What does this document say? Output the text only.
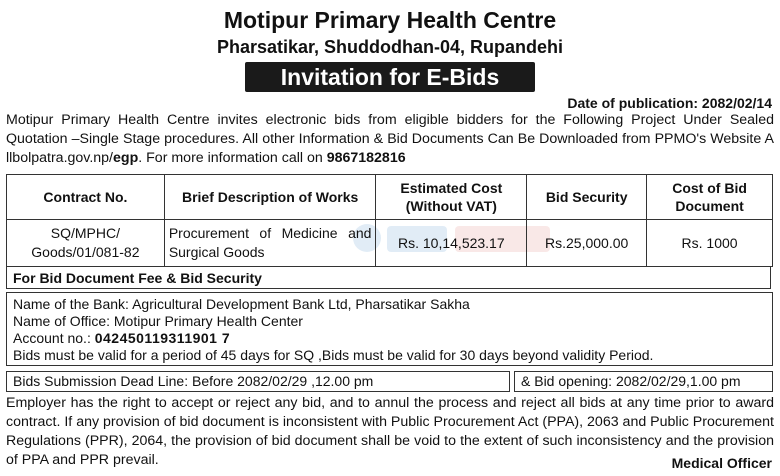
Motipur Primary Health Centre
Pharsatikar, Shuddodhan-04, Rupandehi
Invitation for E-Bids
Date of publication: 2082/02/14
Motipur Primary Health Centre invites electronic bids from eligible bidders for the Following Project Under Sealed Quotation –Single Stage procedures. All other Information & Bid Documents Can Be Downloaded from PPMO's Website A llbolpatra.gov.np/egp. For more information call on 9867182816
Contract No.	Brief Description of Works	Estimated Cost (Without VAT)	Bid Security	Cost of Bid Document
SQ/MPHC/ Goods/01/081-82	Procurement of Medicine and Surgical Goods	Rs. 10,14,523.17	Rs.25,000.00	Rs. 1000
For Bid Document Fee & Bid Security
Name of the Bank: Agricultural Development Bank Ltd, Pharsatikar Sakha
Name of Office: Motipur Primary Health Center
Account no.: 042450119311901 7
Bids must be valid for a period of 45 days for SQ ,Bids must be valid for 30 days beyond validity Period.
Bids Submission Dead Line: Before 2082/02/29 ,12.00 pm	& Bid opening: 2082/02/29,1.00 pm
Employer has the right to accept or reject any bid, and to annul the process and reject all bids at any time prior to award contract. If any provision of bid document is inconsistent with Public Procurement Act (PPA), 2063 and Public Procurement Regulations (PPR), 2064, the provision of bid document shall be void to the extent of such inconsistency and the provision of PPA and PPR prevail.	Medical Officer
